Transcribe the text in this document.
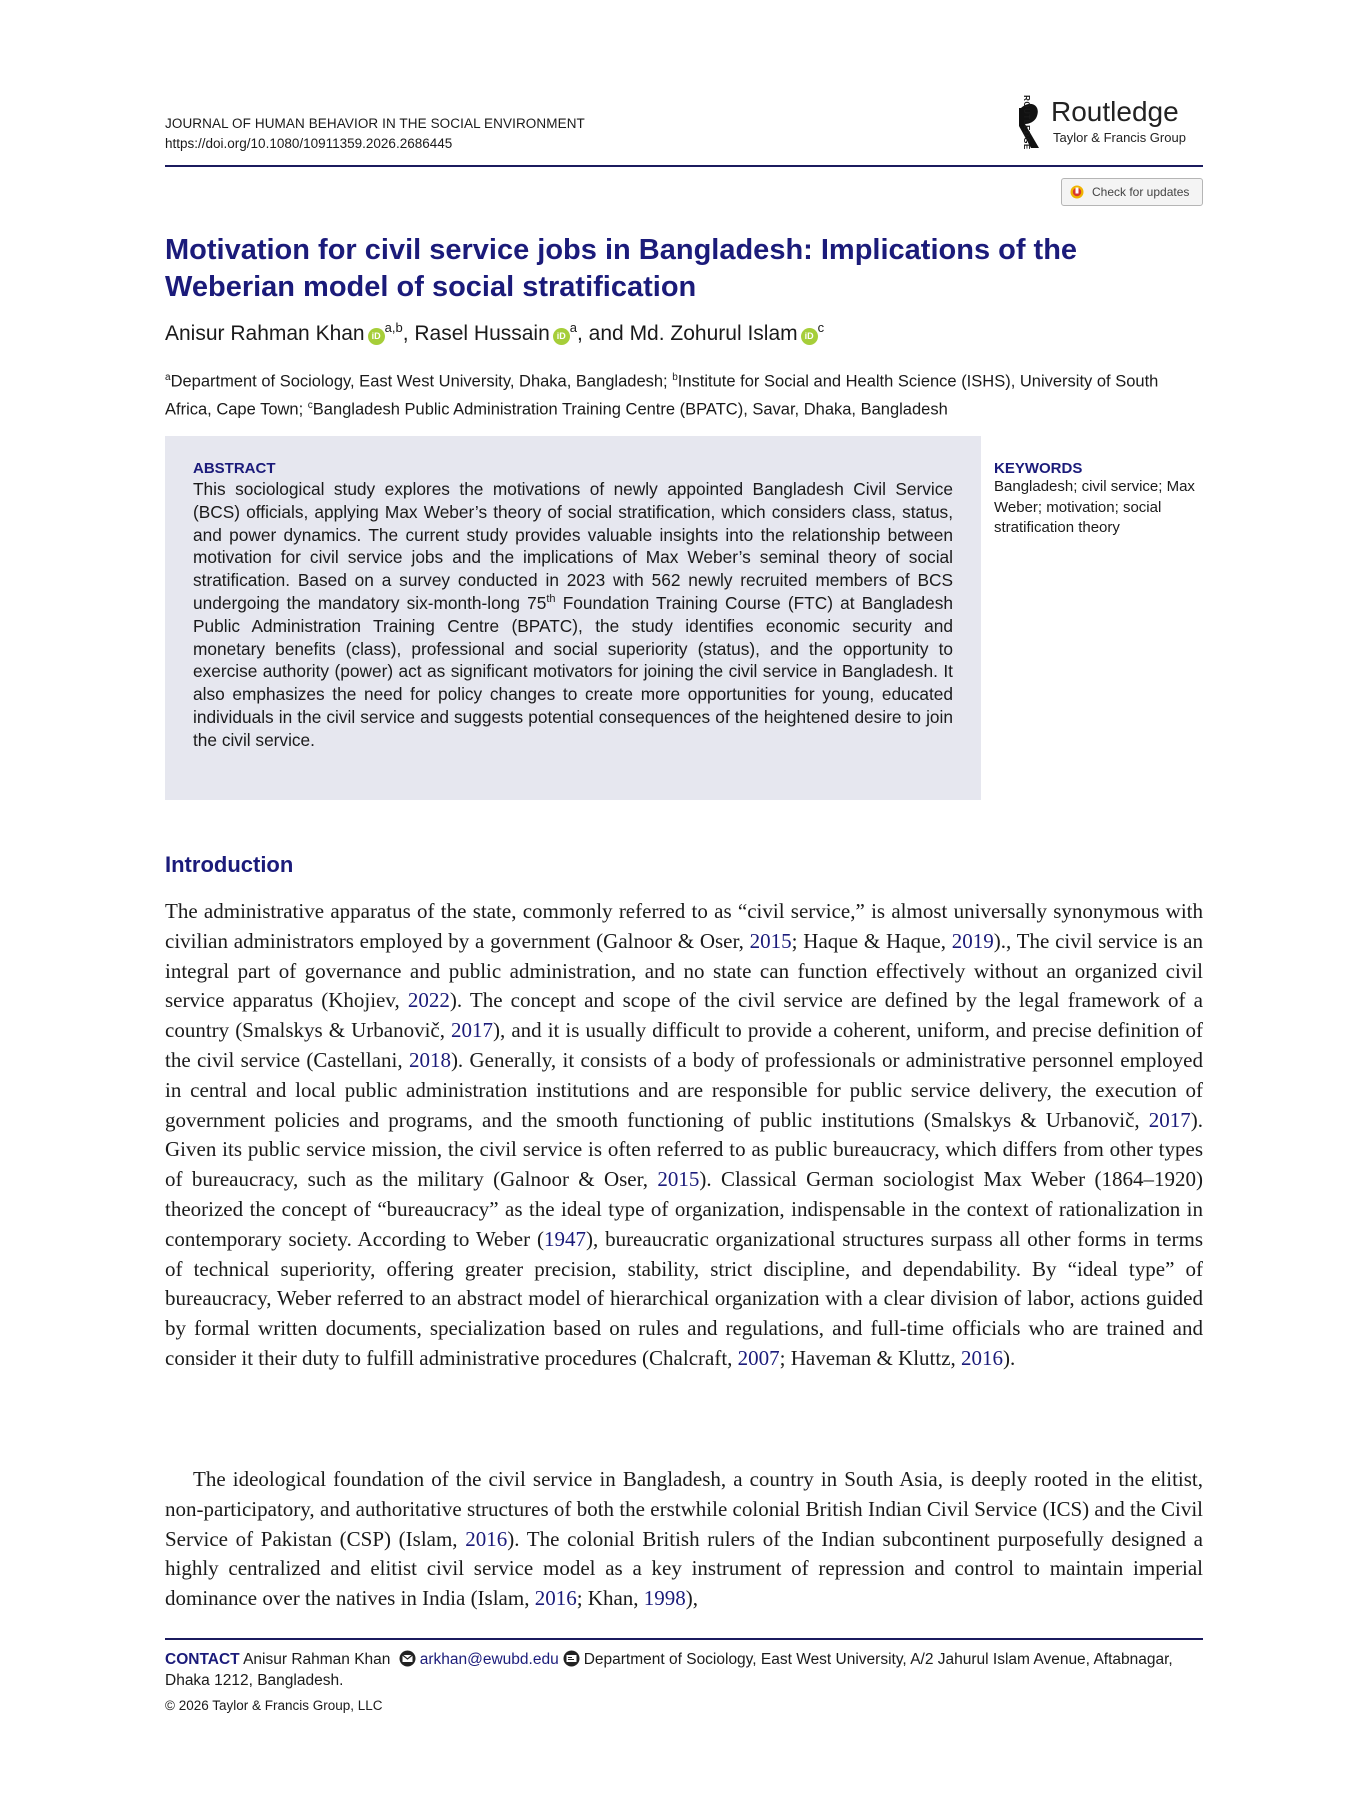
JOURNAL OF HUMAN BEHAVIOR IN THE SOCIAL ENVIRONMENT
https://doi.org/10.1080/10911359.2026.2686445	ROUTLEDGE Routledge
Taylor & Francis Group
Check for updates
Motivation for civil service jobs in Bangladesh: Implications of the Weberian model of social stratification
Anisur Rahman Khan iD$^{a,b}$, Rasel Hussain iD$^a$, and Md. Zohurul Islam iD$^c$
$^a$Department of Sociology, East West University, Dhaka, Bangladesh; $^b$Institute for Social and Health Science (ISHS), University of South Africa, Cape Town; $^c$Bangladesh Public Administration Training Centre (BPATC), Savar, Dhaka, Bangladesh
ABSTRACT

This sociological study explores the motivations of newly appointed Bangladesh Civil Service (BCS) officials, applying Max Weber’s theory of social stratification, which considers class, status, and power dynamics. The current study provides valuable insights into the relationship between motivation for civil service jobs and the implications of Max Weber’s seminal theory of social stratification. Based on a survey conducted in 2023 with 562 newly recruited members of BCS undergoing the mandatory six-month-long 75th Foundation Training Course (FTC) at Bangladesh Public Administration Training Centre (BPATC), the study identifies economic security and monetary benefits (class), professional and social superiority (status), and the opportunity to exercise authority (power) act as significant motivators for joining the civil service in Bangladesh. It also emphasizes the need for policy changes to create more opportunities for young, educated individuals in the civil service and suggests potential consequences of the heightened desire to join the civil service.

KEYWORDS
Bangladesh; civil service; Max Weber; motivation; social stratification theory
Introduction

The administrative apparatus of the state, commonly referred to as “civil service,” is almost universally synonymous with civilian administrators employed by a government (Galnoor & Oser, 2015; Haque & Haque, 2019)., The civil service is an integral part of governance and public administration, and no state can function effectively without an organized civil service apparatus (Khojiev, 2022). The concept and scope of the civil service are defined by the legal framework of a country (Smalskys & Urbanovič, 2017), and it is usually difficult to provide a coherent, uniform, and precise definition of the civil service (Castellani, 2018). Generally, it consists of a body of professionals or administrative personnel employed in central and local public administration institutions and are responsible for public service delivery, the execution of government policies and programs, and the smooth functioning of public institutions (Smalskys & Urbanovič, 2017). Given its public service mission, the civil service is often referred to as public bureaucracy, which differs from other types of bureaucracy, such as the military (Galnoor & Oser, 2015). Classical German sociologist Max Weber (1864–1920) theorized the concept of “bureaucracy” as the ideal type of organization, indispensable in the context of rationalization in contemporary society. According to Weber (1947), bureaucratic organizational structures surpass all other forms in terms of technical superiority, offering greater precision, stability, strict discipline, and dependability. By “ideal type” of bureaucracy, Weber referred to an abstract model of hierarchical organization with a clear division of labor, actions guided by formal written documents, specialization based on rules and regulations, and full-time officials who are trained and consider it their duty to fulfill administrative procedures (Chalcraft, 2007; Haveman & Kluttz, 2016).

The ideological foundation of the civil service in Bangladesh, a country in South Asia, is deeply rooted in the elitist, non-participatory, and authoritative structures of both the erstwhile colonial British Indian Civil Service (ICS) and the Civil Service of Pakistan (CSP) (Islam, 2016). The colonial British rulers of the Indian subcontinent purposefully designed a highly centralized and elitist civil service model as a key instrument of repression and control to maintain imperial dominance over the natives in India (Islam, 2016; Khan, 1998),

CONTACT Anisur Rahman Khan arkhan@ewubd.edu Department of Sociology, East West University, A/2 Jahurul Islam Avenue, Aftabnagar, Dhaka 1212, Bangladesh.
© 2026 Taylor & Francis Group, LLC
